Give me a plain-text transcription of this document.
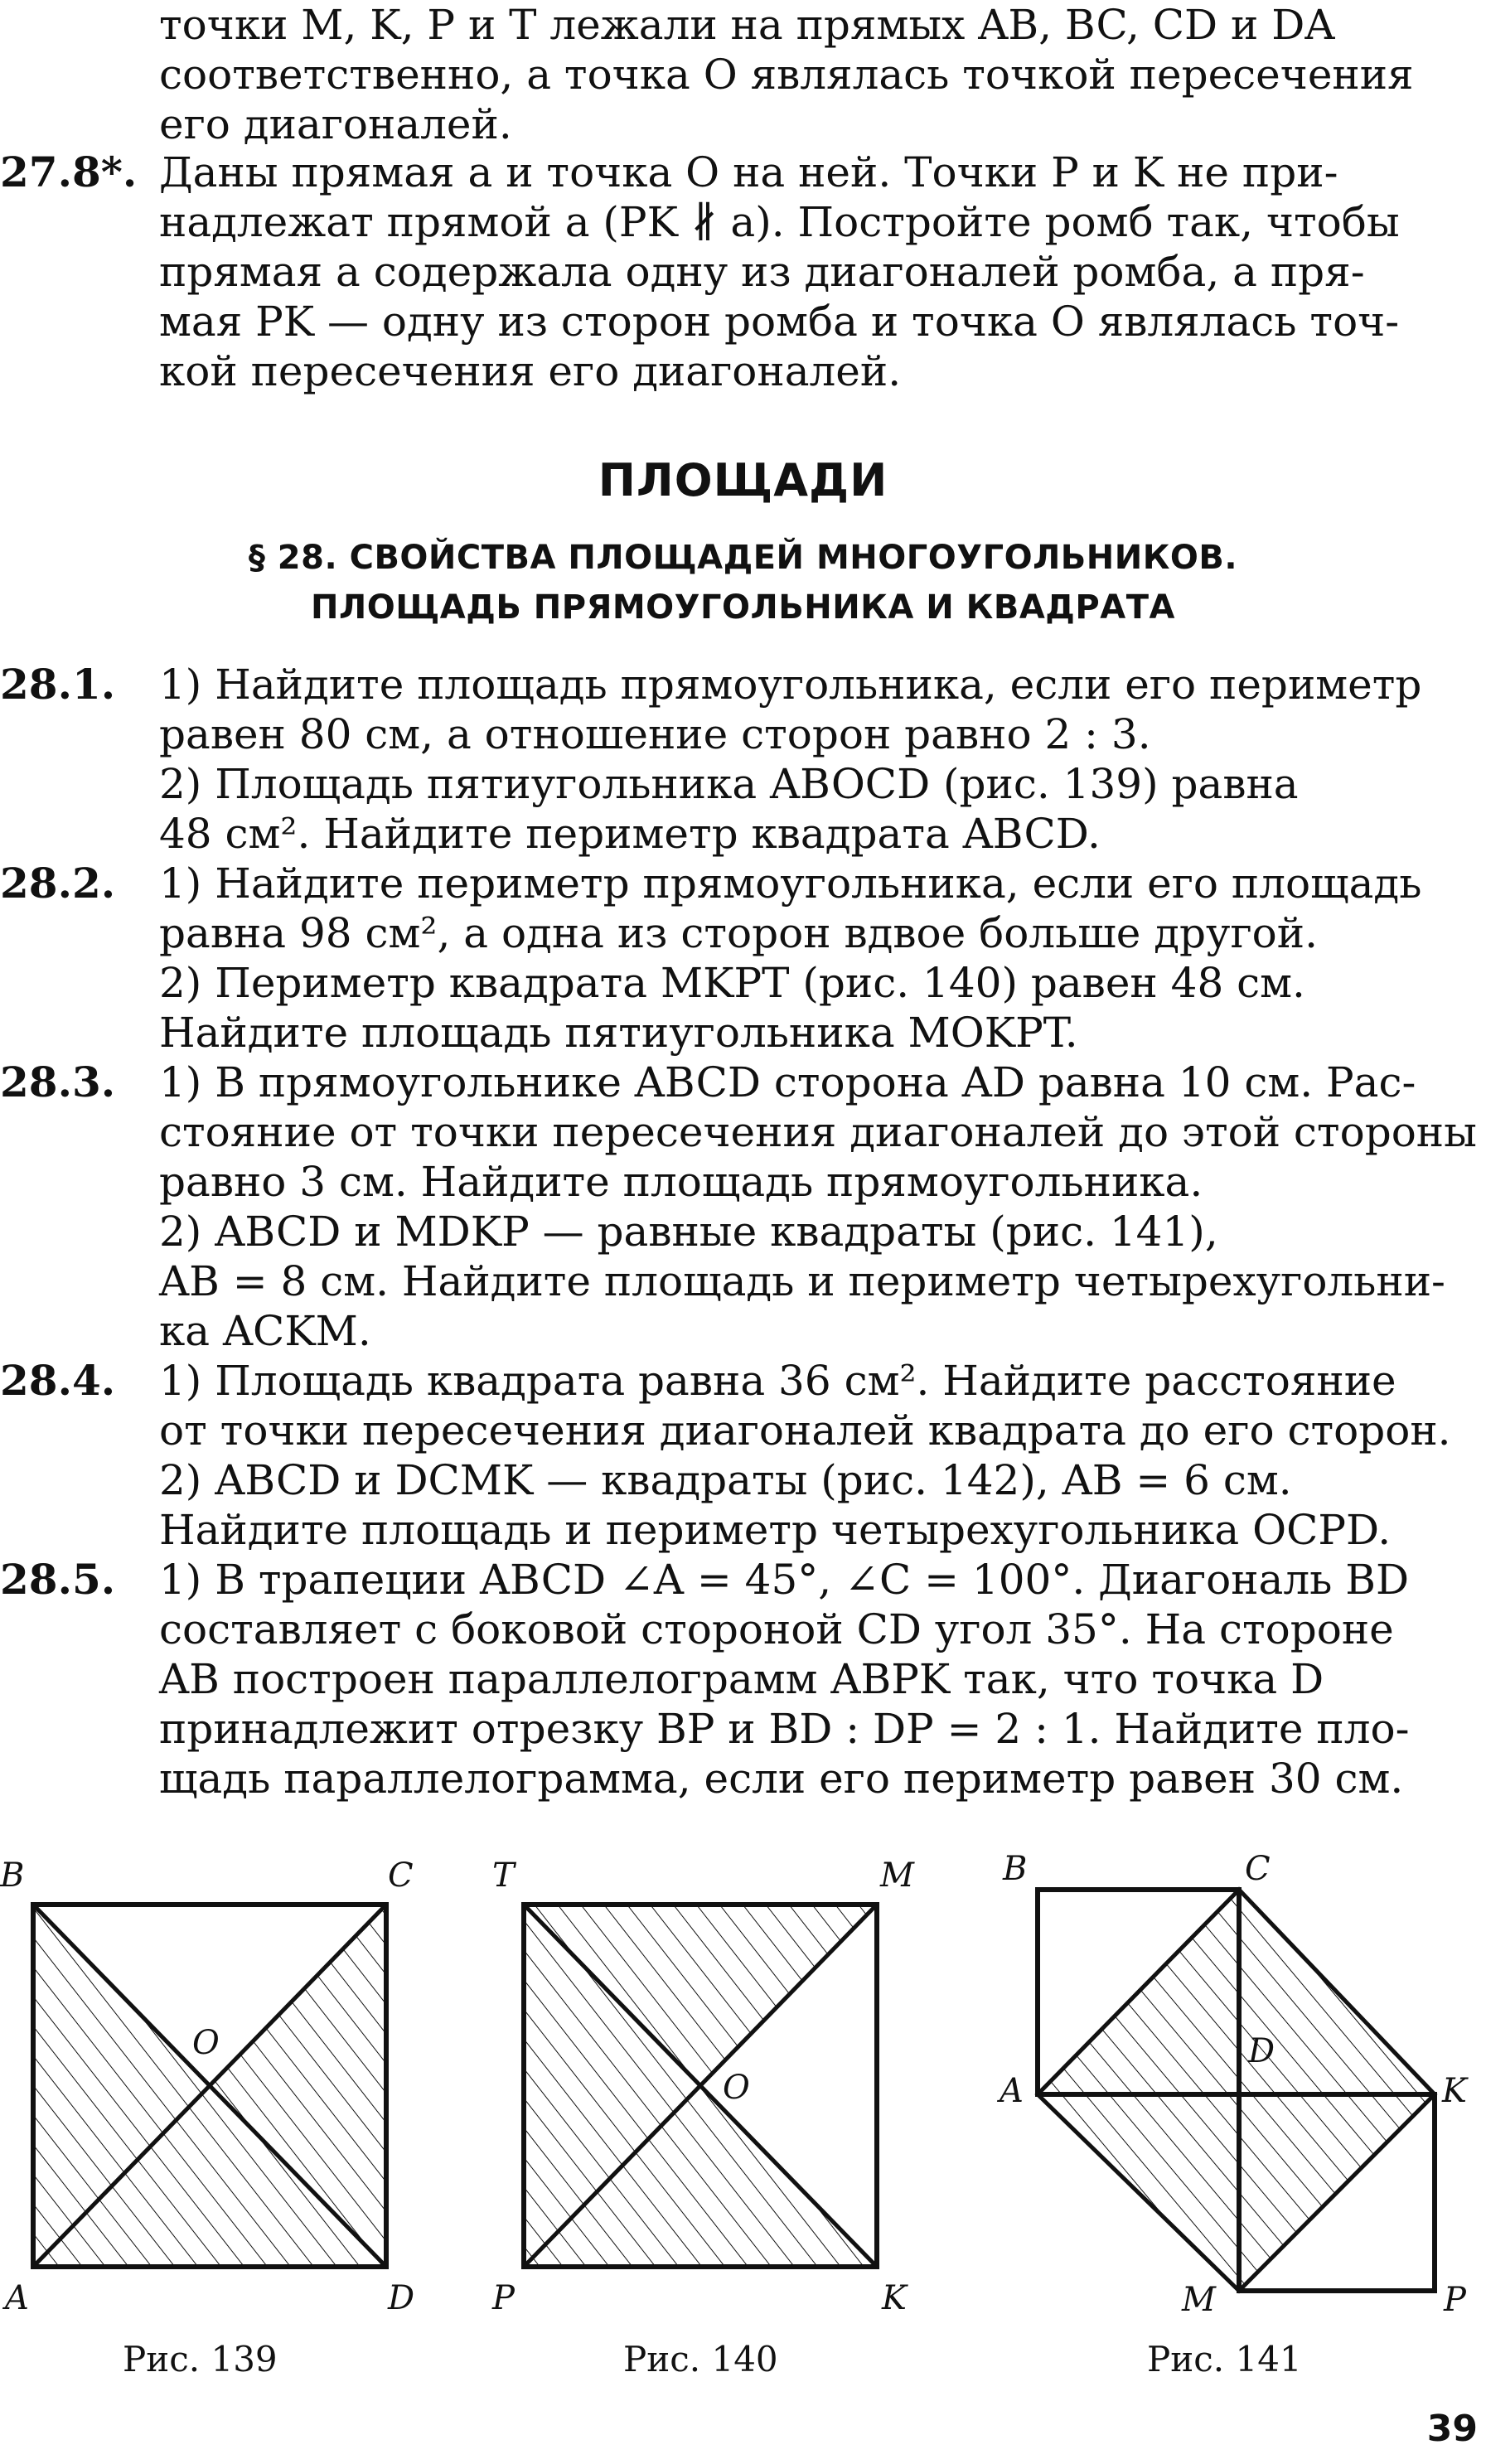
точки M, K, P и T лежали на прямых AB, BC, CD и DA

соответственно, а точка O являлась точкой пересечения

его диагоналей.

27.8*. Даны прямая a и точка O на ней. Точки P и K не при-

надлежат прямой a (PK ∦ a). Постройте ромб так, чтобы

прямая a содержала одну из диагоналей ромба, а пря-

мая PK — одну из сторон ромба и точка O являлась точ-

кой пересечения его диагоналей.

ПЛОЩАДИ
§ 28. СВОЙСТВА ПЛОЩАДЕЙ МНОГОУГОЛЬНИКОВ.
ПЛОЩАДЬ ПРЯМОУГОЛЬНИКА И КВАДРАТА
28.1.	1) Найдите площадь прямоугольника, если его периметр

равен 80 см, а отношение сторон равно 2 : 3.

2) Площадь пятиугольника ABOCD (рис. 139) равна

48 см². Найдите периметр квадрата ABCD.

28.2.	1) Найдите периметр прямоугольника, если его площадь

равна 98 см², а одна из сторон вдвое больше другой.

2) Периметр квадрата MKPT (рис. 140) равен 48 см.

Найдите площадь пятиугольника MOKPT.

28.3.	1) В прямоугольнике ABCD сторона AD равна 10 см. Рас-

стояние от точки пересечения диагоналей до этой стороны

равно 3 см. Найдите площадь прямоугольника.

2) ABCD и MDKP — равные квадраты (рис. 141),

AB = 8 см. Найдите площадь и периметр четырехугольни-

ка ACKM.

28.4.	1) Площадь квадрата равна 36 см². Найдите расстояние

от точки пересечения диагоналей квадрата до его сторон.

2) ABCD и DCMK — квадраты (рис. 142), AB = 6 см.

Найдите площадь и периметр четырехугольника OCPD.

28.5.	1) В трапеции ABCD ∠A = 45°, ∠C = 100°. Диагональ BD

составляет с боковой стороной CD угол 35°. На стороне

AB построен параллелограмм ABPK так, что точка D

принадлежит отрезку BP и BD : DP = 2 : 1. Найдите пло-

щадь параллелограмма, если его периметр равен 30 см.

B	C
O
A	D
Рис. 139
T	M
O
P	K
Рис. 140
B	C
D
A	K
M	P
Рис. 141
39
